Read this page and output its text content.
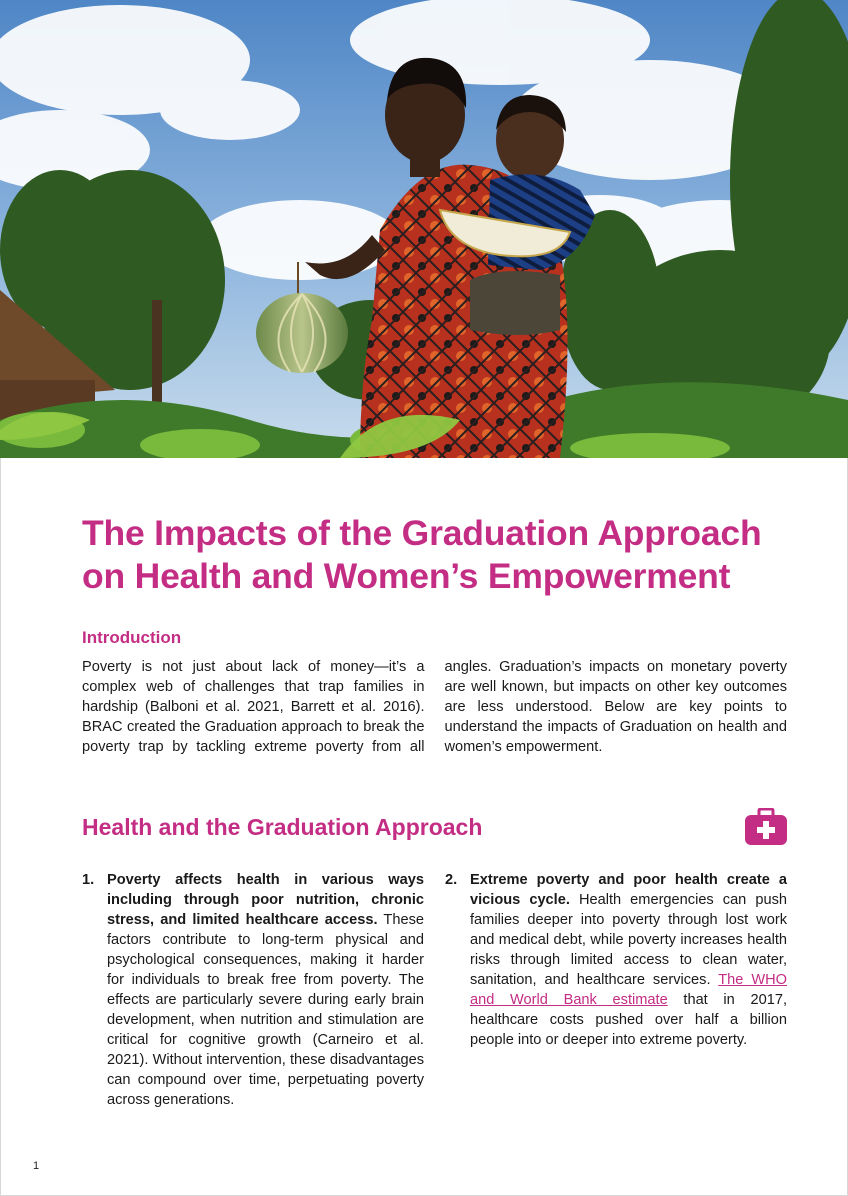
The Impacts of the Graduation Approach on Health and Women’s Empowerment
Introduction

Poverty is not just about lack of money—it’s a complex web of challenges that trap families in hardship (Balboni et al. 2021, Barrett et al. 2016). BRAC created the Graduation approach to break the poverty trap by tackling extreme poverty from all angles. Graduation’s impacts on monetary poverty are well known, but impacts on other key outcomes are less understood. Below are key points to understand the impacts of Graduation on health and women’s empowerment.

Health and the Graduation Approach
1. Poverty affects health in various ways including through poor nutrition, chronic stress, and limited healthcare access. These factors contribute to long-term physical and psychological consequences, making it harder for individuals to break free from poverty. The effects are particularly severe during early brain development, when nutrition and stimulation are critical for cognitive growth (Carneiro et al. 2021). Without intervention, these disadvantages can compound over time, perpetuating poverty across generations.
2. Extreme poverty and poor health create a vicious cycle. Health emergencies can push families deeper into poverty through lost work and medical debt, while poverty increases health risks through limited access to clean water, sanitation, and healthcare services. The WHO and World Bank estimate that in 2017, healthcare costs pushed over half a billion people into or deeper into extreme poverty.
1
